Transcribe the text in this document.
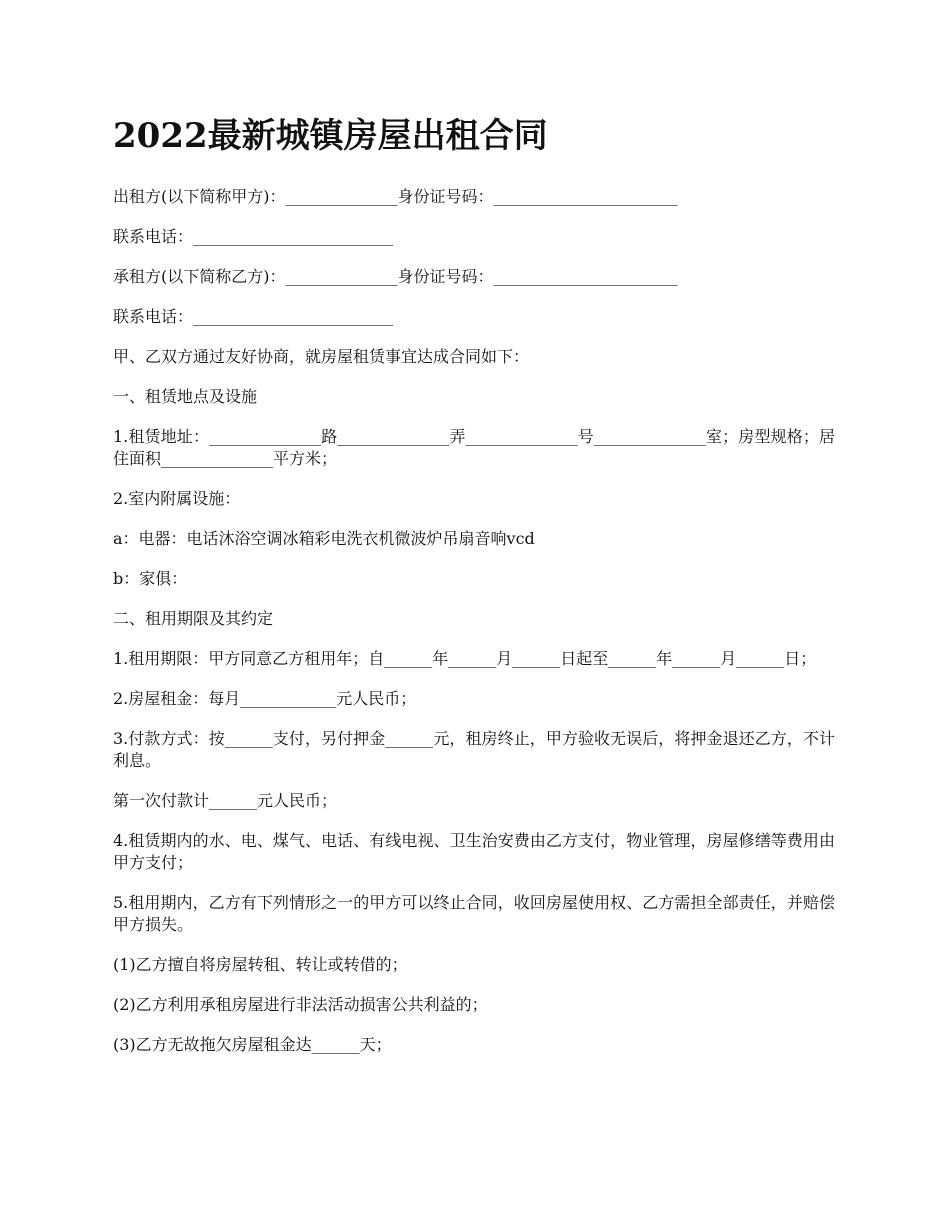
2022最新城镇房屋出租合同

出租方(以下简称甲方)：______________身份证号码：_______________________

联系电话：_________________________

承租方(以下简称乙方)：______________身份证号码：_______________________

联系电话：_________________________

甲、乙双方通过友好协商，就房屋租赁事宜达成合同如下：

一、租赁地点及设施

1.租赁地址：______________路______________弄______________号______________室；房型规格；居住面积______________平方米；

2.室内附属设施：

a：电器：电话沐浴空调冰箱彩电洗衣机微波炉吊扇音响vcd

b：家俱：

二、租用期限及其约定

1.租用期限：甲方同意乙方租用年；自______年______月______日起至______年______月______日；

2.房屋租金：每月____________元人民币；

3.付款方式：按______支付，另付押金______元，租房终止，甲方验收无误后，将押金退还乙方，不计利息。

第一次付款计______元人民币；

4.租赁期内的水、电、煤气、电话、有线电视、卫生治安费由乙方支付，物业管理，房屋修缮等费用由甲方支付；

5.租用期内，乙方有下列情形之一的甲方可以终止合同，收回房屋使用权、乙方需担全部责任，并赔偿甲方损失。

(1)乙方擅自将房屋转租、转让或转借的；

(2)乙方利用承租房屋进行非法活动损害公共利益的；

(3)乙方无故拖欠房屋租金达______天；
